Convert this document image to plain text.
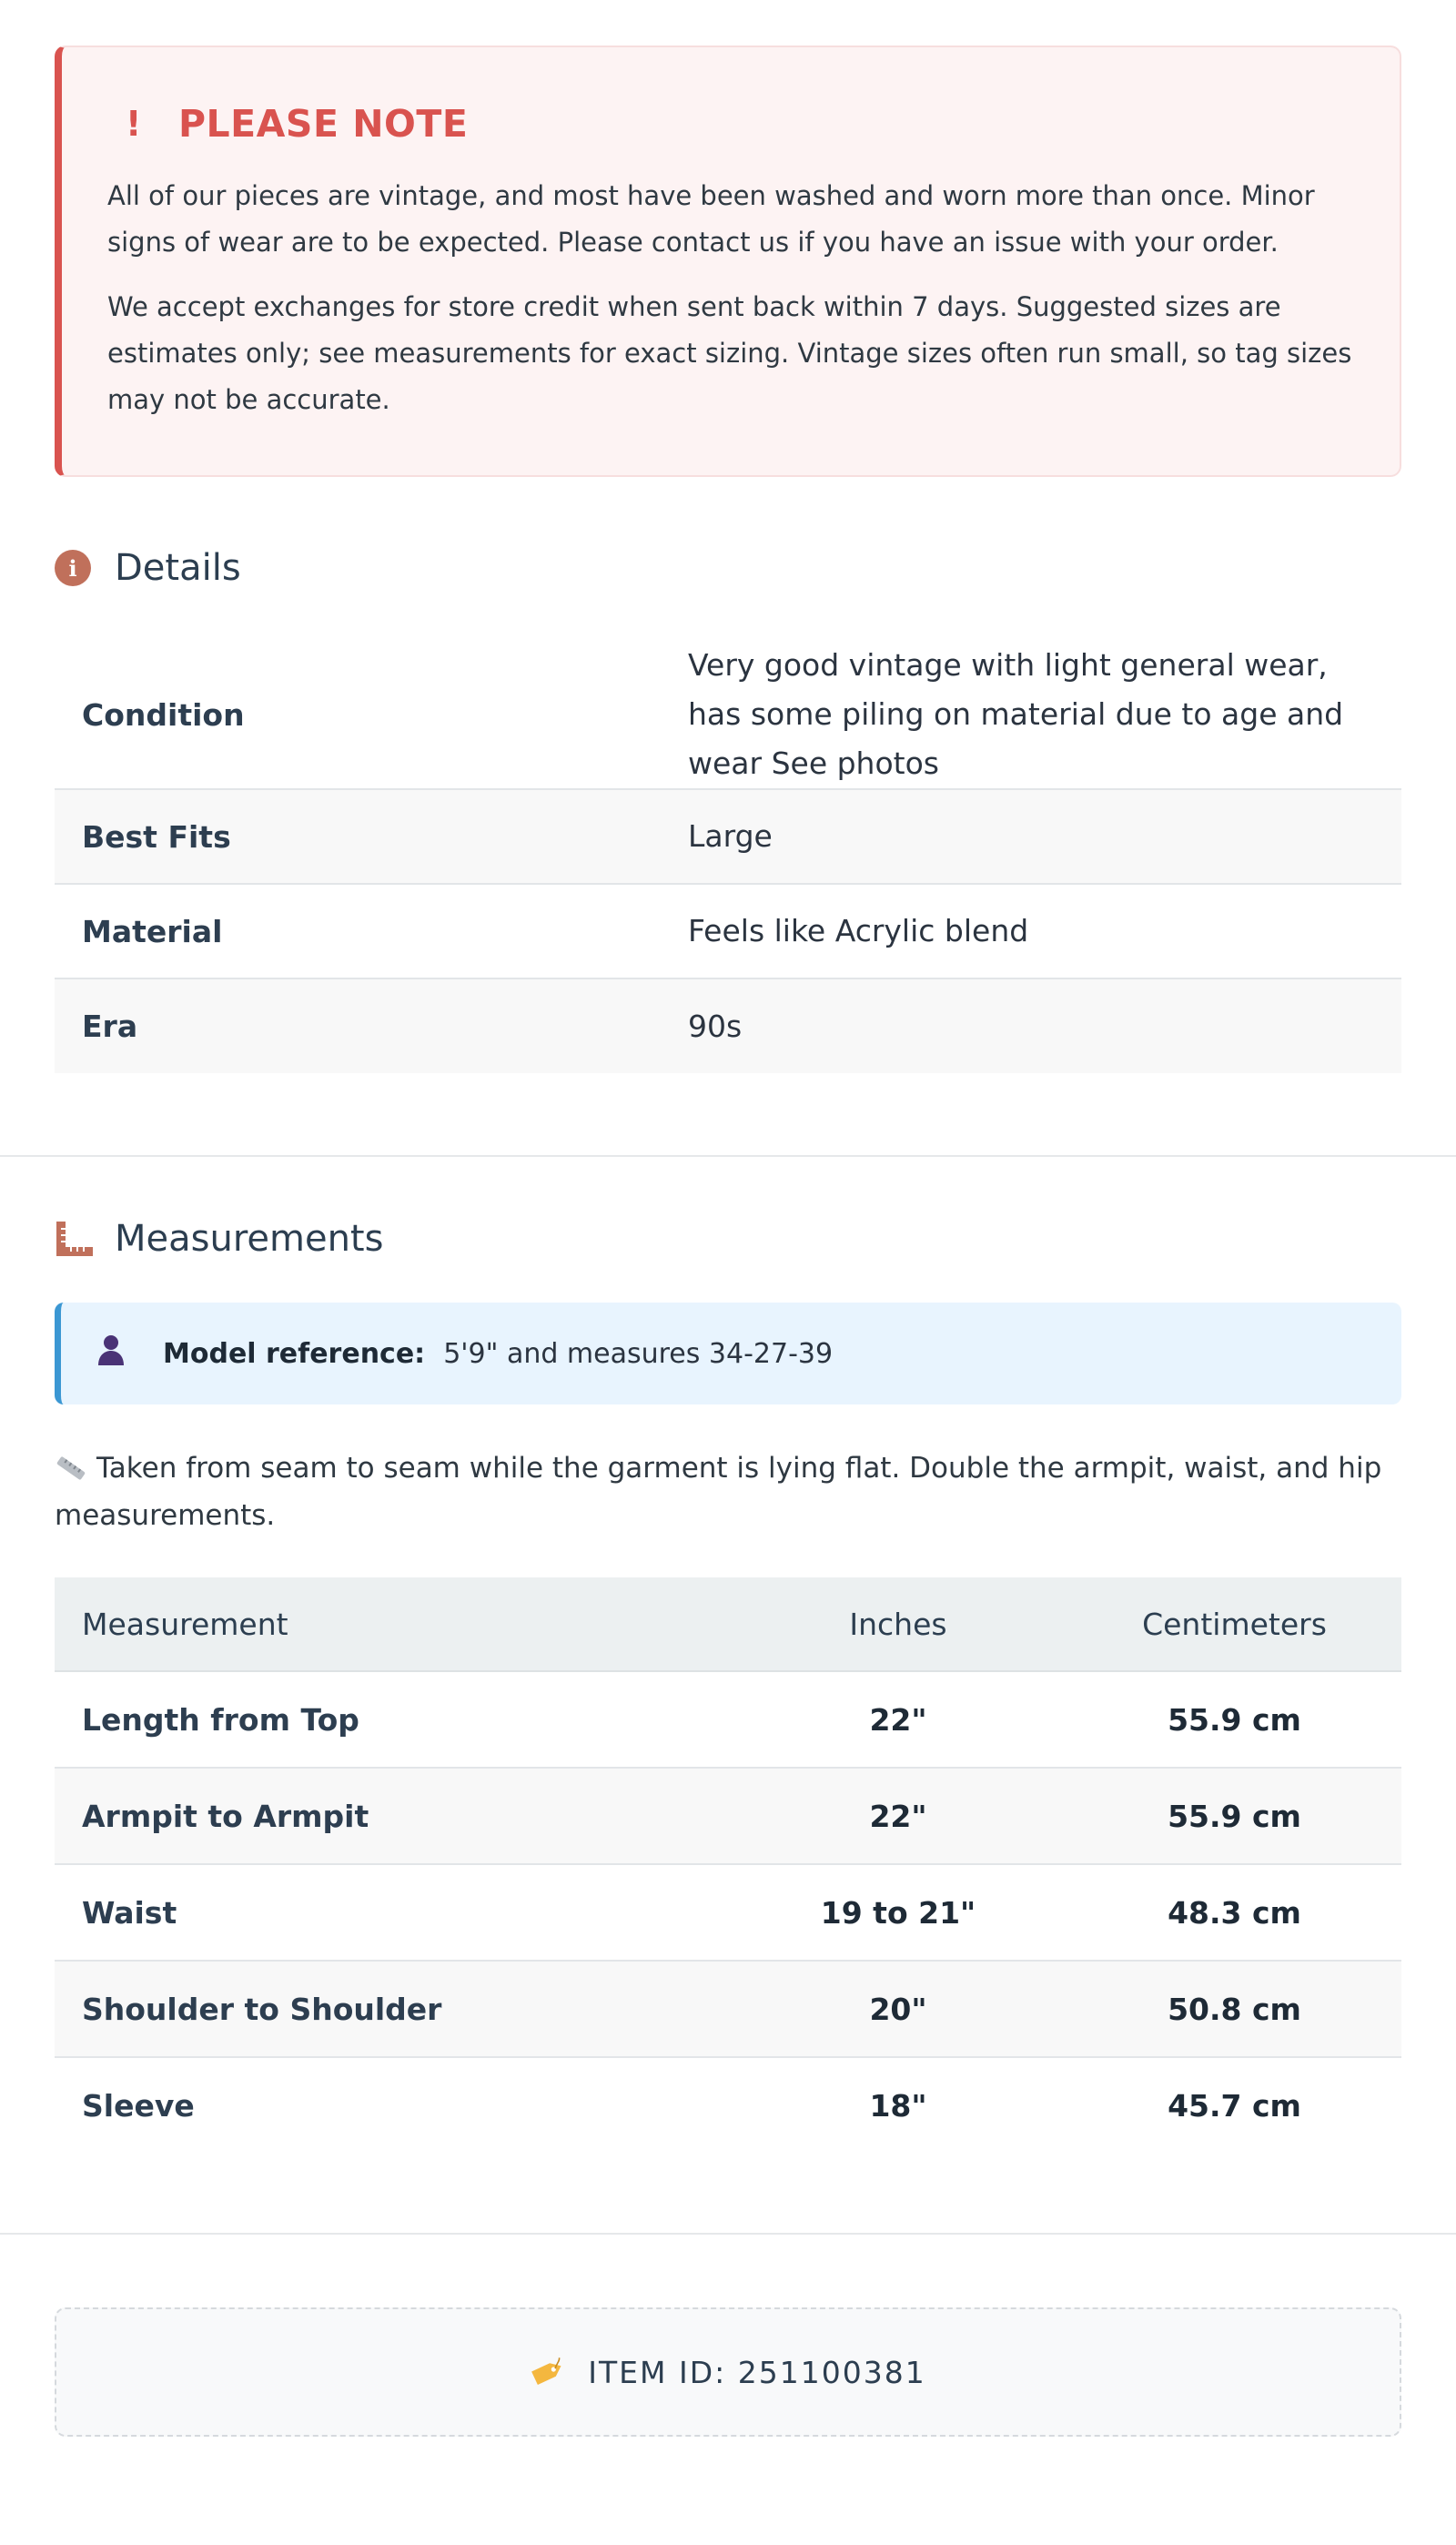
! PLEASE NOTE

All of our pieces are vintage, and most have been washed and worn more than once. Minor signs of wear are to be expected. Please contact us if you have an issue with your order.

We accept exchanges for store credit when sent back within 7 days. Suggested sizes are estimates only; see measurements for exact sizing. Vintage sizes often run small, so tag sizes may not be accurate.

i	Details
Condition	Very good vintage with light general wear, has some piling on material due to age and wear See photos
Best Fits	Large
Material	Feels like Acrylic blend
Era	90s
Measurements
Model reference: 5'9" and measures 34-27-39
Taken from seam to seam while the garment is lying flat. Double the armpit, waist, and hip measurements.
Measurement	Inches	Centimeters
Length from Top	22"	55.9 cm
Armpit to Armpit	22"	55.9 cm
Waist	19 to 21"	48.3 cm
Shoulder to Shoulder	20"	50.8 cm
Sleeve	18"	45.7 cm
ITEM ID: 251100381
